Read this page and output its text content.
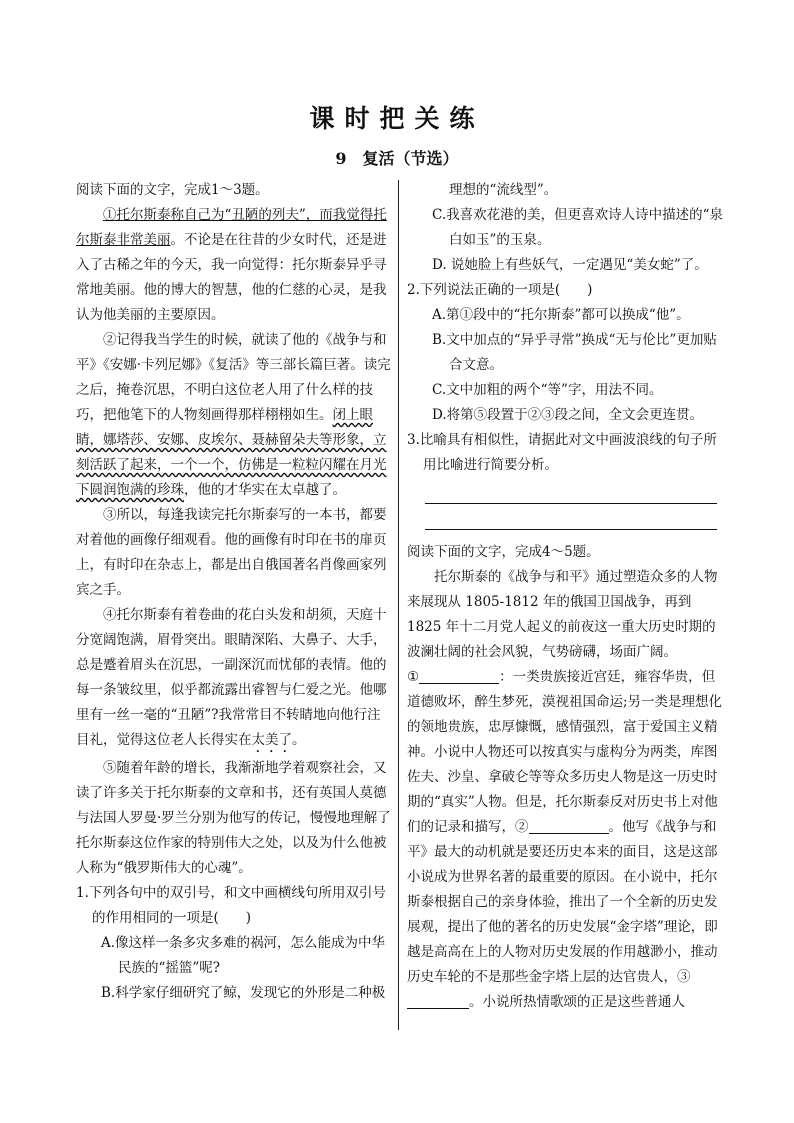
课时把关练
9　复活（节选）

阅读下面的文字，完成1～3题。

①托尔斯泰称自己为“丑陋的列夫”，而我觉得托尔斯泰非常美丽。不论是在往昔的少女时代，还是进入了古稀之年的今天，我一向觉得：托尔斯泰异乎寻常地美丽。他的博大的智慧，他的仁慈的心灵，是我认为他美丽的主要原因。

②记得我当学生的时候，就读了他的《战争与和平》《安娜·卡列尼娜》《复活》等三部长篇巨著。读完之后，掩卷沉思，不明白这位老人用了什么样的技巧，把他笔下的人物刻画得那样栩栩如生。闭上眼睛，娜塔莎、安娜、皮埃尔、聂赫留朵夫等形象，立刻活跃了起来，一个一个，仿佛是一粒粒闪耀在月光下圆润饱满的珍珠，他的才华实在太卓越了。

③所以，每逢我读完托尔斯泰写的一本书，都要对着他的画像仔细观看。他的画像有时印在书的扉页上，有时印在杂志上，都是出自俄国著名肖像画家列宾之手。

④托尔斯泰有着卷曲的花白头发和胡须，天庭十分宽阔饱满，眉骨突出。眼睛深陷、大鼻子、大手，总是蹙着眉头在沉思，一副深沉而忧郁的表情。他的每一条皱纹里，似乎都流露出睿智与仁爱之光。他哪里有一丝一毫的“丑陋”?我常常目不转睛地向他行注目礼，觉得这位老人长得实在太美了。

⑤随着年龄的增长，我渐渐地学着观察社会，又读了许多关于托尔斯泰的文章和书，还有英国人莫德与法国人罗曼·罗兰分别为他写的传记，慢慢地理解了托尔斯泰这位作家的特别伟大之处，以及为什么他被人称为“俄罗斯伟大的心魂”。

1.下列各句中的双引号，和文中画横线句所用双引号的作用相同的一项是(　　)

A.像这样一条多灾多难的祸河，怎么能成为中华民族的“摇篮”呢?

B.科学家仔细研究了鲸，发现它的外形是二种极

理想的“流线型”。

C.我喜欢花港的美，但更喜欢诗人诗中描述的“泉白如玉”的玉泉。

D. 说她脸上有些妖气，一定遇见“美女蛇”了。

2.下列说法正确的一项是(　　)

A.第①段中的“托尔斯泰”都可以换成“他”。

B.文中加点的“异乎寻常”换成“无与伦比”更加贴合文意。

C.文中加粗的两个“等”字，用法不同。

D.将第⑤段置于②③段之间，全文会更连贯。

3.比喻具有相似性，请据此对文中画波浪线的句子所用比喻进行简要分析。

阅读下面的文字，完成4～5题。

托尔斯泰的《战争与和平》通过塑造众多的人物来展现从 1805-1812 年的俄国卫国战争，再到 1825 年十二月党人起义的前夜这一重大历史时期的波澜壮阔的社会风貌，气势磅礴，场面广阔。

①	：一类贵族接近宫廷，雍容华贵，但道德败坏，醉生梦死，漠视祖国命运;另一类是理想化的领地贵族，忠厚慷慨，感情强烈，富于爱国主义精神。小说中人物还可以按真实与虚构分为两类，库图佐夫、沙皇、拿破仑等等众多历史人物是这一历史时期的“真实”人物。但是，托尔斯泰反对历史书上对他们的记录和描写，②	。他写《战争与和平》最大的动机就是要还历史本来的面目，这是这部小说成为世界名著的最重要的原因。在小说中，托尔斯泰根据自己的亲身体验，推出了一个全新的历史发展观，提出了他的著名的历史发展“金字塔”理论，即越是高高在上的人物对历史发展的作用越渺小，推动历史车轮的不是那些金字塔上层的达官贵人，③。小说所热情歌颂的正是这些普通人
